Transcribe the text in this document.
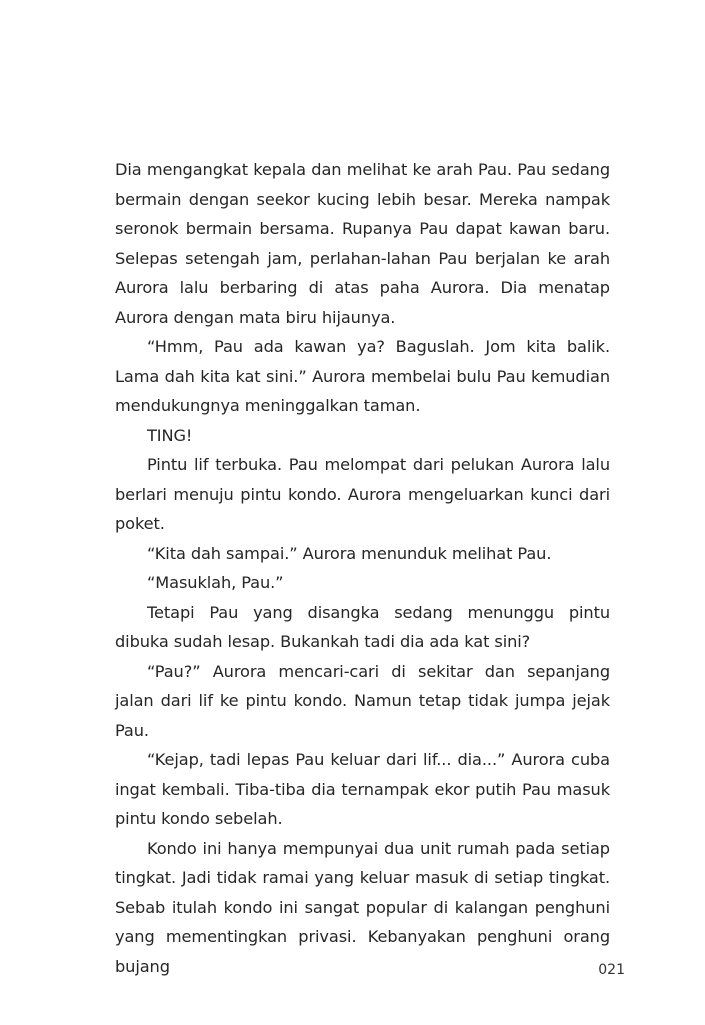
Dia mengangkat kepala dan melihat ke arah Pau. Pau sedang bermain dengan seekor kucing lebih besar. Mereka nampak seronok bermain bersama. Rupanya Pau dapat kawan baru. Selepas setengah jam, perlahan-lahan Pau berjalan ke arah Aurora lalu berbaring di atas paha Aurora. Dia menatap Aurora dengan mata biru hijaunya.

“Hmm, Pau ada kawan ya? Baguslah. Jom kita balik. Lama dah kita kat sini.” Aurora membelai bulu Pau kemudian mendukungnya meninggalkan taman.

TING!

Pintu lif terbuka. Pau melompat dari pelukan Aurora lalu berlari menuju pintu kondo. Aurora mengeluarkan kunci dari poket.

“Kita dah sampai.” Aurora menunduk melihat Pau.

“Masuklah, Pau.”

Tetapi Pau yang disangka sedang menunggu pintu dibuka sudah lesap. Bukankah tadi dia ada kat sini?

“Pau?” Aurora mencari-cari di sekitar dan sepanjang jalan dari lif ke pintu kondo. Namun tetap tidak jumpa jejak Pau.

“Kejap, tadi lepas Pau keluar dari lif... dia...” Aurora cuba ingat kembali. Tiba-tiba dia ternampak ekor putih Pau masuk pintu kondo sebelah.

Kondo ini hanya mempunyai dua unit rumah pada setiap tingkat. Jadi tidak ramai yang keluar masuk di setiap tingkat. Sebab itulah kondo ini sangat popular di kalangan penghuni yang mementingkan privasi. Kebanyakan penghuni orang bujang	021
